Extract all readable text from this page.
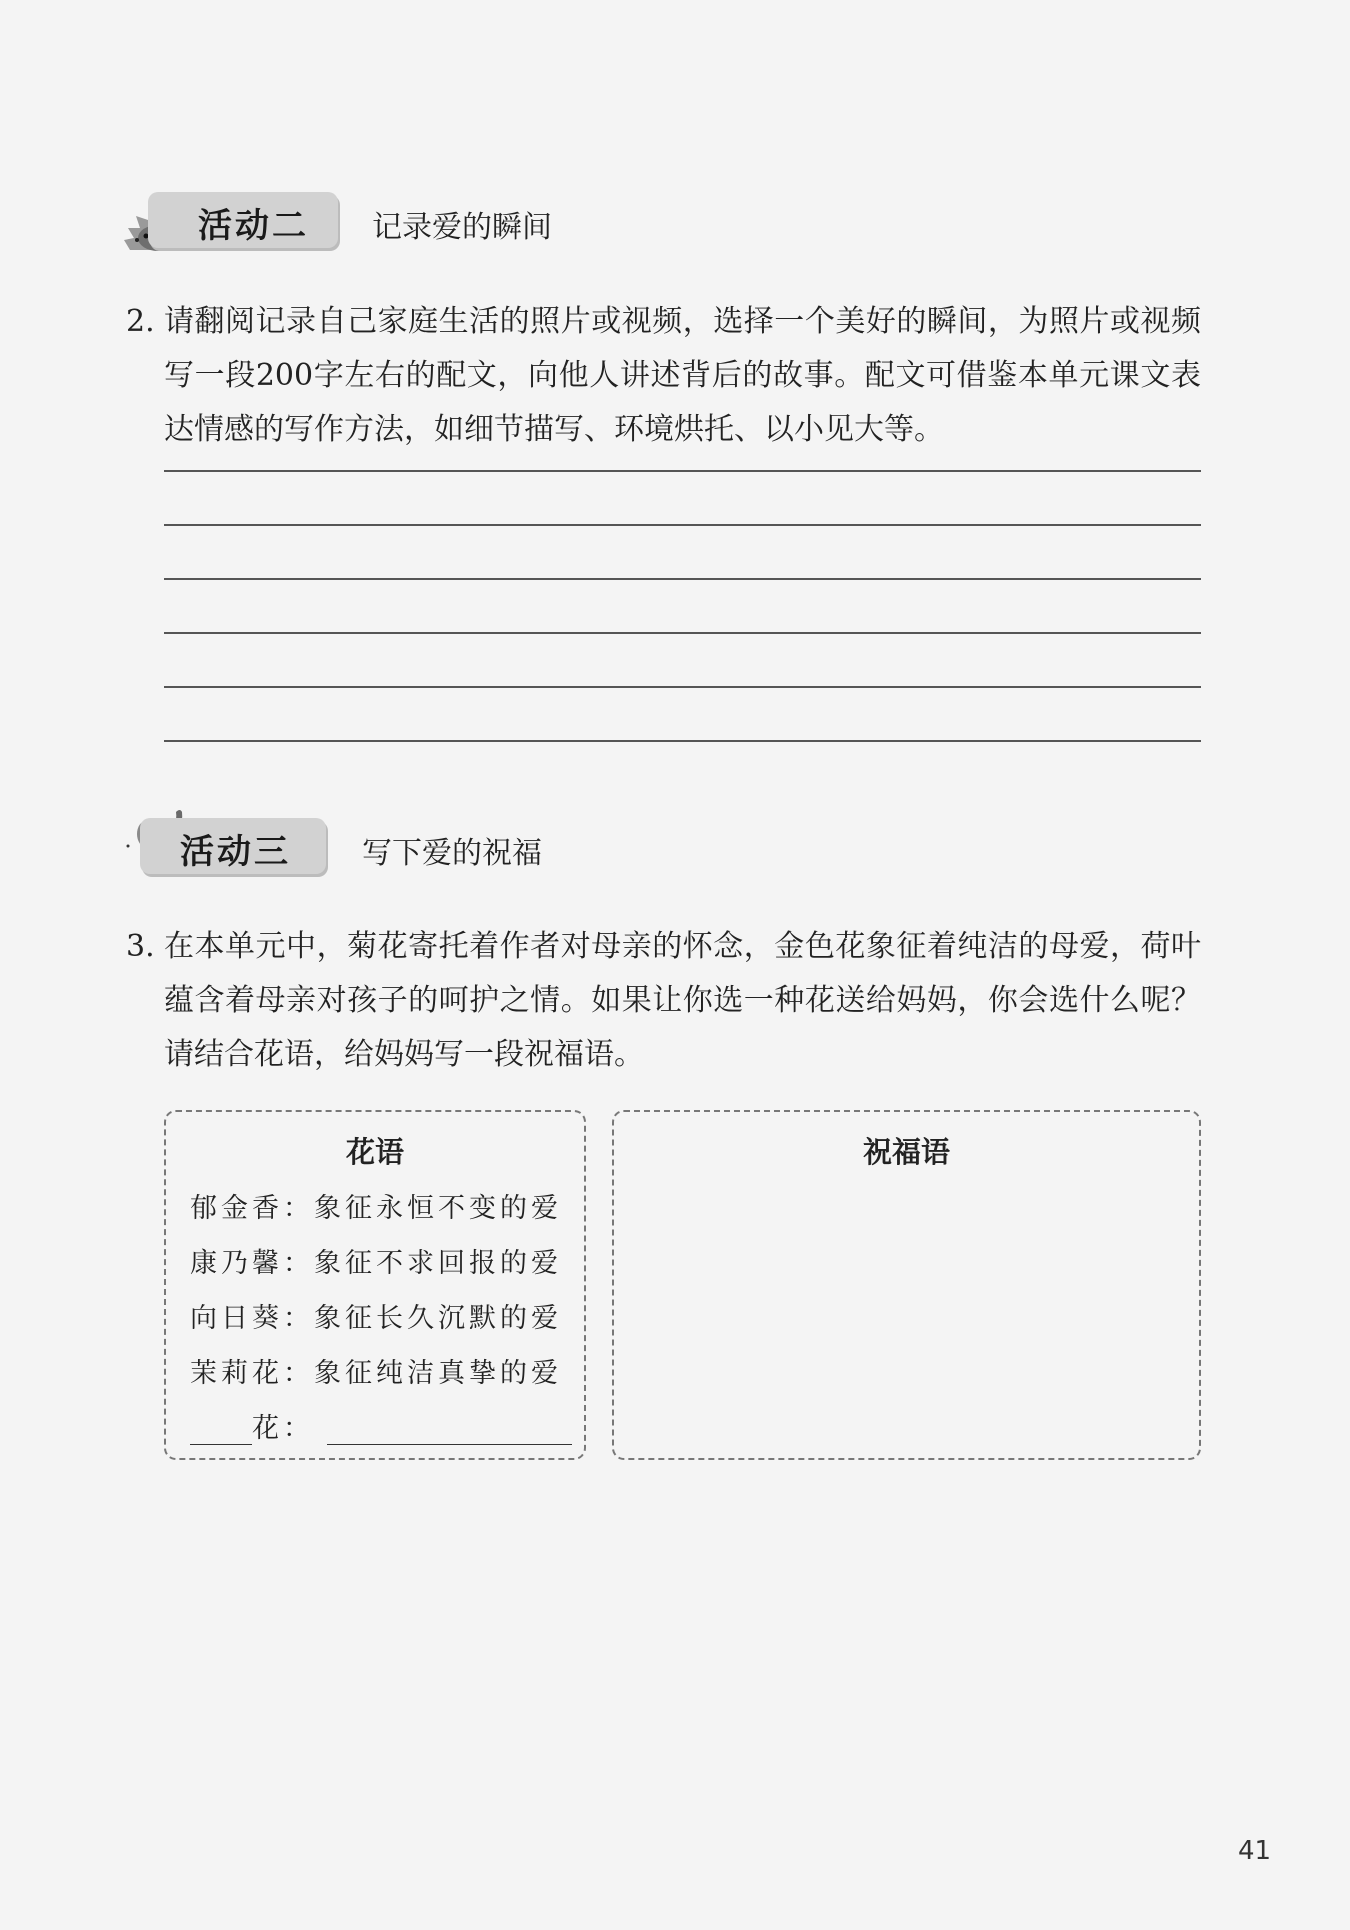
活动二 记录爱的瞬间
2. 请翻阅记录自己家庭生活的照片或视频，选择一个美好的瞬间，为照片或视频写一段200字左右的配文，向他人讲述背后的故事。配文可借鉴本单元课文表达情感的写作方法，如细节描写、环境烘托、以小见大等。
活动三 写下爱的祝福
3. 在本单元中，菊花寄托着作者对母亲的怀念，金色花象征着纯洁的母爱，荷叶蕴含着母亲对孩子的呵护之情。如果让你选一种花送给妈妈，你会选什么呢？请结合花语，给妈妈写一段祝福语。
花语
郁金香：象征永恒不变的爱
康乃馨：象征不求回报的爱
向日葵：象征长久沉默的爱
茉莉花：象征纯洁真挚的爱
花：
祝福语
41
